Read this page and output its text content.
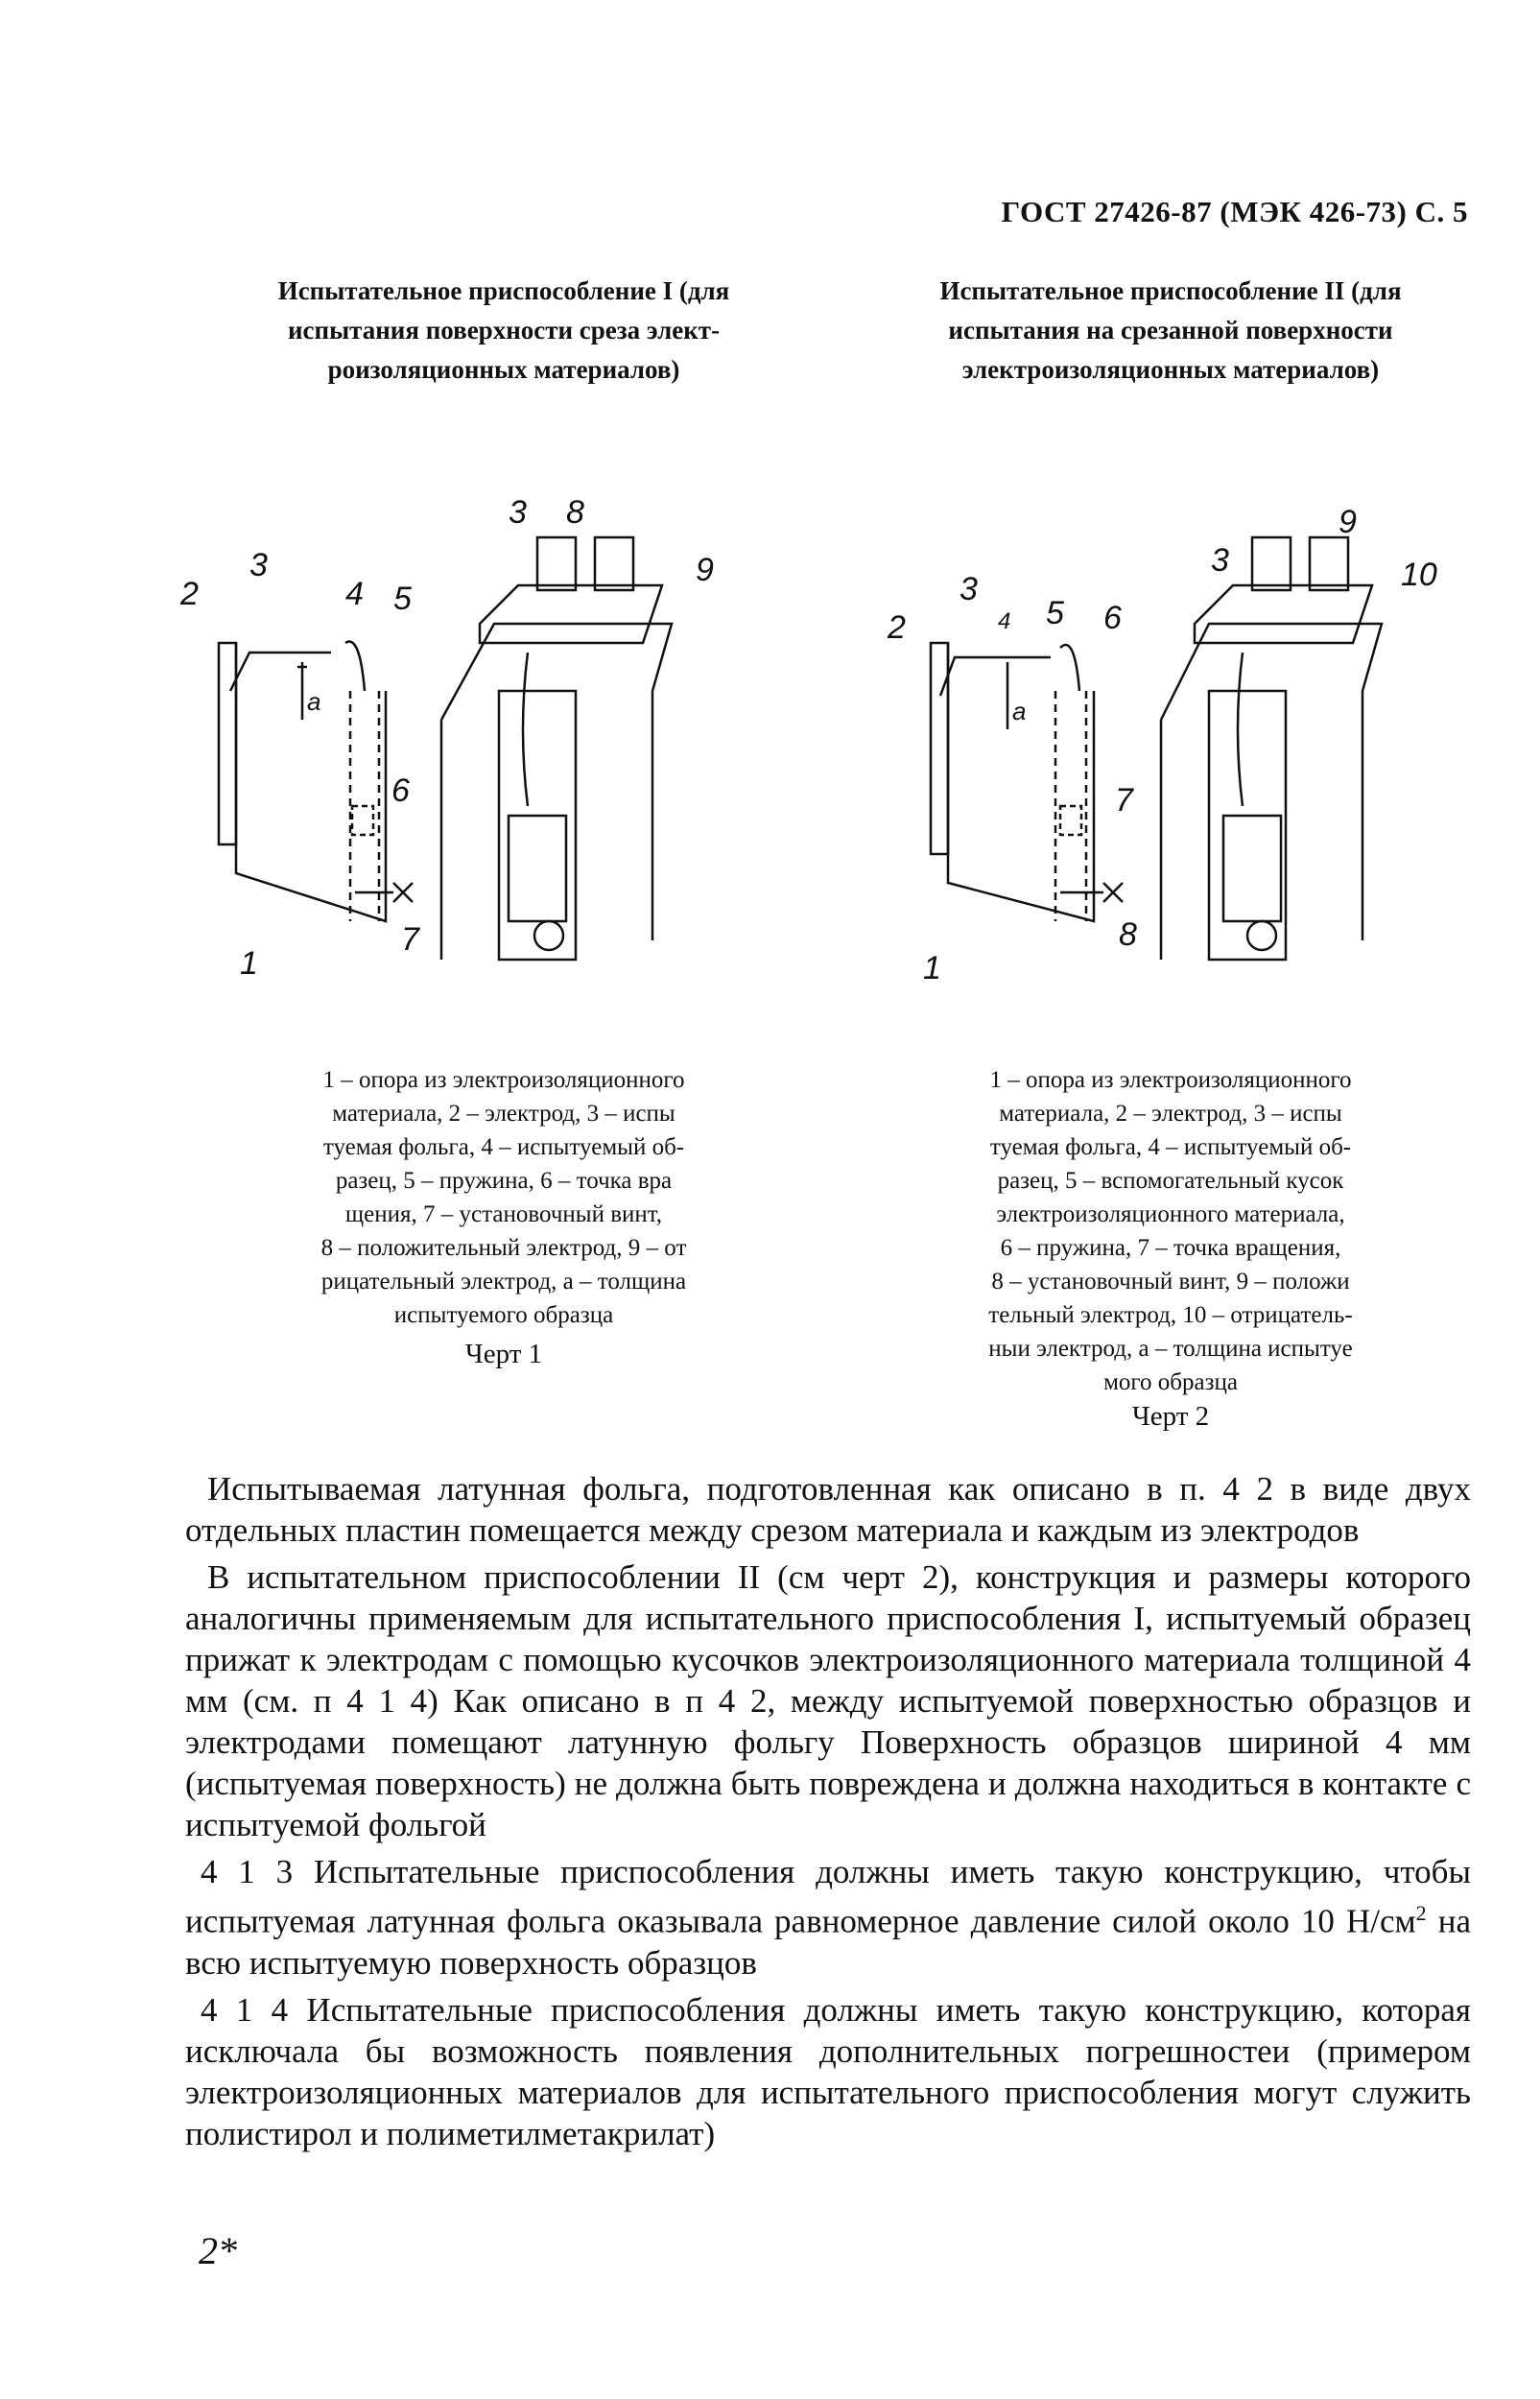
ГОСТ 27426-87 (МЭК 426-73) С. 5
Испытательное приспособление I (для
испытания поверхности среза элект-
роизоляционных материалов)
Испытательное приспособление II (для
испытания на срезанной поверхности
электроизоляционных материалов)
1
2
3
4 5
6
7
3 8
9
a
1
2
3
4 5 6
7
8
3
9
10
a
1 – опора из электроизоляционного
материала, 2 – электрод, 3 – испы
туемая фольга, 4 – испытуемый об-
разец, 5 – пружина, 6 – точка вра
щения, 7 – установочный винт,
8 – положительный электрод, 9 – от
рицательный электрод, a – толщина
испытуемого образца
Черт 1
1 – опора из электроизоляционного
материала, 2 – электрод, 3 – испы
туемая фольга, 4 – испытуемый об-
разец, 5 – вспомогательный кусок
электроизоляционного материала,
6 – пружина, 7 – точка вращения,
8 – установочный винт, 9 – положи
тельный электрод, 10 – отрицатель-
ныи электрод, a – толщина испытуе
мого образца
Черт 2

Испытываемая латунная фольга, подготовленная как описано в п. 4 2 в виде двух отдельных пластин помещается между срезом материала и каждым из электродов

В испытательном приспособлении II (см черт 2), конструкция и размеры которого аналогичны применяемым для испытательного приспособления I, испытуемый образец прижат к электродам с помощью кусочков электроизоляционного материала толщиной 4 мм (см. п 4 1 4) Как описано в п 4 2, между испытуемой поверхностью образцов и электродами помещают латунную фольгу Поверхность образцов шириной 4 мм (испытуемая поверхность) не должна быть повреждена и должна находиться в контакте с испытуемой фольгой

4 1 3 Испытательные приспособления должны иметь такую конструкцию, чтобы испытуемая латунная фольга оказывала равномерное давление силой около 10 $Н/см^2$ на всю испытуемую поверхность образцов

4 1 4 Испытательные приспособления должны иметь такую конструкцию, которая исключала бы возможность появления дополнительных погрешностеи (примером электроизоляционных материалов для испытательного приспособления могут служить полистирол и полиметилметакрилат)

2*
